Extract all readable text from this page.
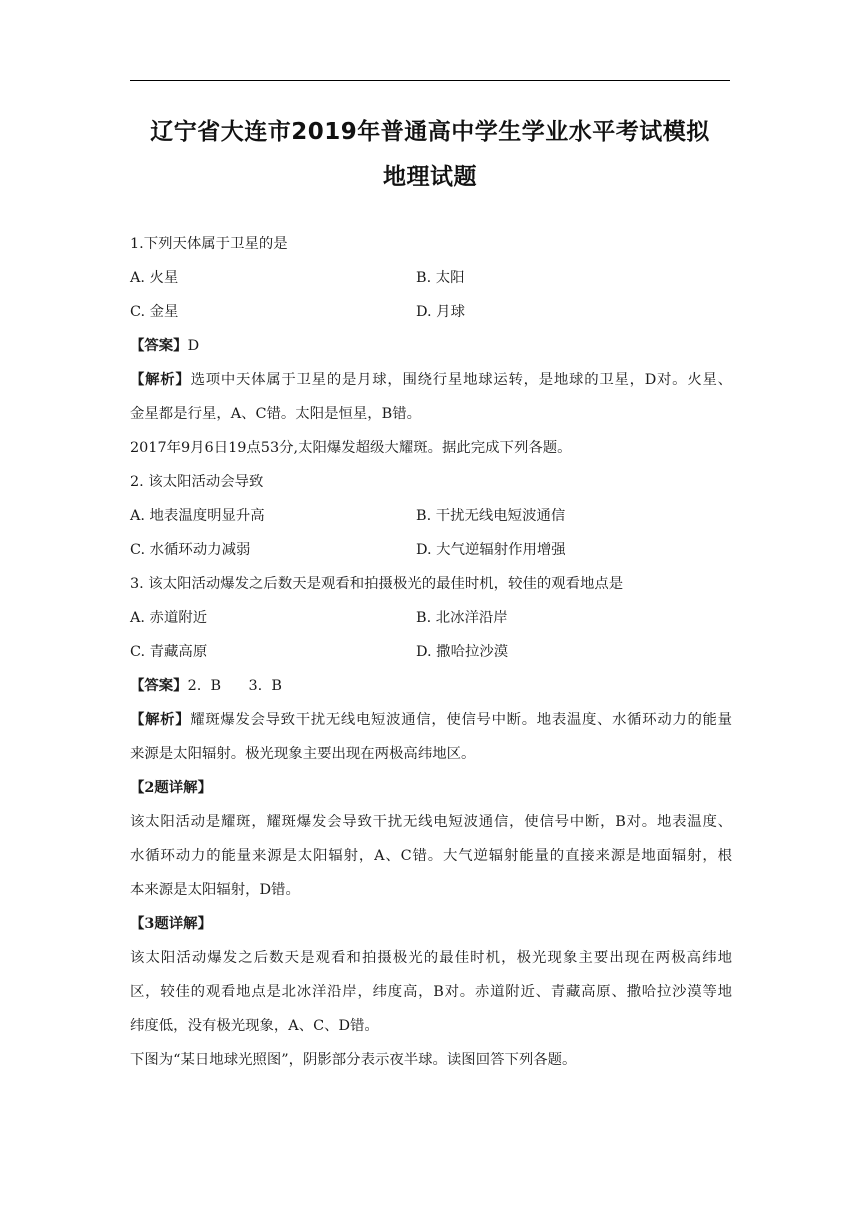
辽宁省大连市2019年普通高中学生学业水平考试模拟
地理试题
1.下列天体属于卫星的是
A. 火星	B. 太阳
C. 金星	D. 月球
【答案】D
【解析】选项中天体属于卫星的是月球，围绕行星地球运转，是地球的卫星，D对。火星、
金星都是行星，A、C错。太阳是恒星，B错。
2017年9月6日19点53分,太阳爆发超级大耀斑。据此完成下列各题。
2. 该太阳活动会导致
A. 地表温度明显升高	B. 干扰无线电短波通信
C. 水循环动力减弱	D. 大气逆辐射作用增强
3. 该太阳活动爆发之后数天是观看和拍摄极光的最佳时机，较佳的观看地点是
A. 赤道附近	B. 北冰洋沿岸
C. 青藏高原	D. 撒哈拉沙漠
【答案】2.  B      3.  B
【解析】耀斑爆发会导致干扰无线电短波通信，使信号中断。地表温度、水循环动力的能量
来源是太阳辐射。极光现象主要出现在两极高纬地区。
【2题详解】
该太阳活动是耀斑，耀斑爆发会导致干扰无线电短波通信，使信号中断，B对。地表温度、
水循环动力的能量来源是太阳辐射，A、C错。大气逆辐射能量的直接来源是地面辐射，根
本来源是太阳辐射，D错。
【3题详解】
该太阳活动爆发之后数天是观看和拍摄极光的最佳时机，极光现象主要出现在两极高纬地
区，较佳的观看地点是北冰洋沿岸，纬度高，B对。赤道附近、青藏高原、撒哈拉沙漠等地
纬度低，没有极光现象，A、C、D错。
下图为“某日地球光照图”，阴影部分表示夜半球。读图回答下列各题。
